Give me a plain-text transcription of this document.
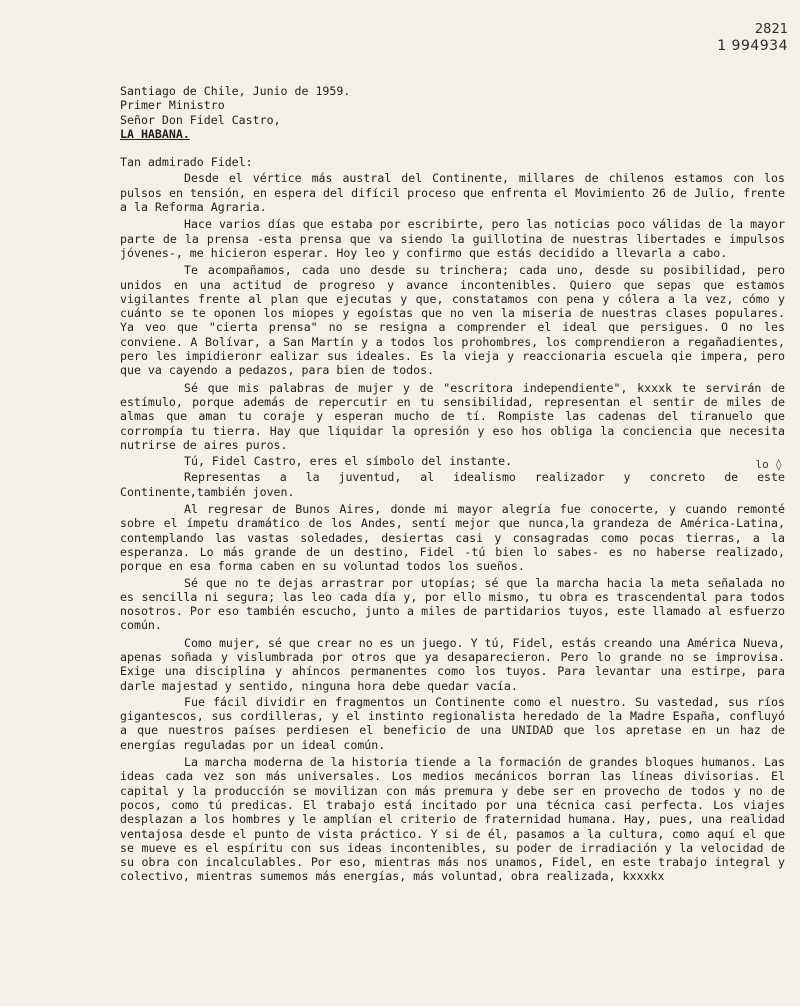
2821
1 994934
Santiago de Chile, Junio de 1959.
Primer Ministro
Señor Don Fidel Castro,
LA HABANA.
Tan admirado Fidel:

Desde el vértice más austral del Continente, millares de chilenos estamos con los pulsos en tensión, en espera del difícil proceso que enfrenta el Movimiento 26 de Julio, frente a la Reforma Agraria.

Hace varios días que estaba por escribirte, pero las noticias poco válidas de la mayor parte de la prensa -esta prensa que va siendo la guillotina de nuestras libertades e impulsos jóvenes-, me hicieron esperar. Hoy leo y confirmo que estás decidido a llevarla a cabo.

Te acompañamos, cada uno desde su trinchera; cada uno, desde su posibilidad, pero unidos en una actitud de progreso y avance incontenibles. Quiero que sepas que estamos vigilantes frente al plan que ejecutas y que, constatamos con pena y cólera a la vez, cómo y cuánto se te oponen los miopes y egoístas que no ven la miseria de nuestras clases populares. Ya veo que "cierta prensa" no se resigna a comprender el ideal que persigues. O no les conviene. A Bolívar, a San Martín y a todos los prohombres, los comprendieron a regañadientes, pero les impidieronr ealizar sus ideales. Es la vieja y reaccionaria escuela qie impera, pero que va cayendo a pedazos, para bien de todos.

Sé que mis palabras de mujer y de "escritora independiente", kxxxk te servirán de estímulo, porque además de repercutir en tu sensibilidad, representan el sentir de miles de almas que aman tu coraje y esperan mucho de tí. Rompiste las cadenas del tiranuelo que corrompía tu tierra. Hay que liquidar la opresión y eso hos obliga la conciencia que necesita nutrirse de aires puros.

Tú, Fidel Castro, eres el símbolo del instante.

Representas a la juventud, al idealismo realizador y concreto de este Continente,también joven.

Al regresar de Bunos Aires, donde mi mayor alegría fue conocerte, y cuando remonté sobre el ímpetu dramático de los Andes, sentí mejor que nunca,la grandeza de América-Latina, contemplando las vastas soledades, desiertas casi y consagradas como pocas tierras, a la esperanza. Lo más grande de un destino, Fidel -tú bien lo sabes- es no haberse realizado, porque en esa forma caben en su voluntad todos los sueños.

Sé que no te dejas arrastrar por utopías; sé que la marcha hacia la meta señalada no es sencilla ni segura; las leo cada día y, por ello mismo, tu obra es trascendental para todos nosotros. Por eso también escucho, junto a miles de partidarios tuyos, este llamado al esfuerzo común.

Como mujer, sé que crear no es un juego. Y tú, Fidel, estás creando una América Nueva, apenas soñada y vislumbrada por otros que ya desaparecieron. Pero lo grande no se improvisa. Exige una disciplina y ahíncos permanentes como los tuyos. Para levantar una estirpe, para darle majestad y sentido, ninguna hora debe quedar vacía.

Fue fácil dividir en fragmentos un Continente como el nuestro. Su vastedad, sus ríos gigantescos, sus cordilleras, y el instinto regionalista heredado de la Madre España, confluyó a que nuestros países perdiesen el beneficio de una UNIDAD que los apretase en un haz de energías reguladas por un ideal común.

La marcha moderna de la historia tiende a la formación de grandes bloques humanos. Las ideas cada vez son más universales. Los medios mecánicos borran las líneas divisorias. El capital y la producción se movilizan con más premura y debe ser en provecho de todos y no de pocos, como tú predicas. El trabajo está incitado por una técnica casi perfecta. Los viajes desplazan a los hombres y le amplían el criterio de fraternidad humana. Hay, pues, una realidad ventajosa desde el punto de vista práctico. Y si de él, pasamos a la cultura, como aquí el que se mueve es el espíritu con sus ideas incontenibles, su poder de irradiación y la velocidad de su obra con incalculables. Por eso, mientras más nos unamos, Fidel, en este trabajo integral y colectivo, mientras sumemos más energías, más voluntad, obra realizada, kxxxkx

lo ◊
